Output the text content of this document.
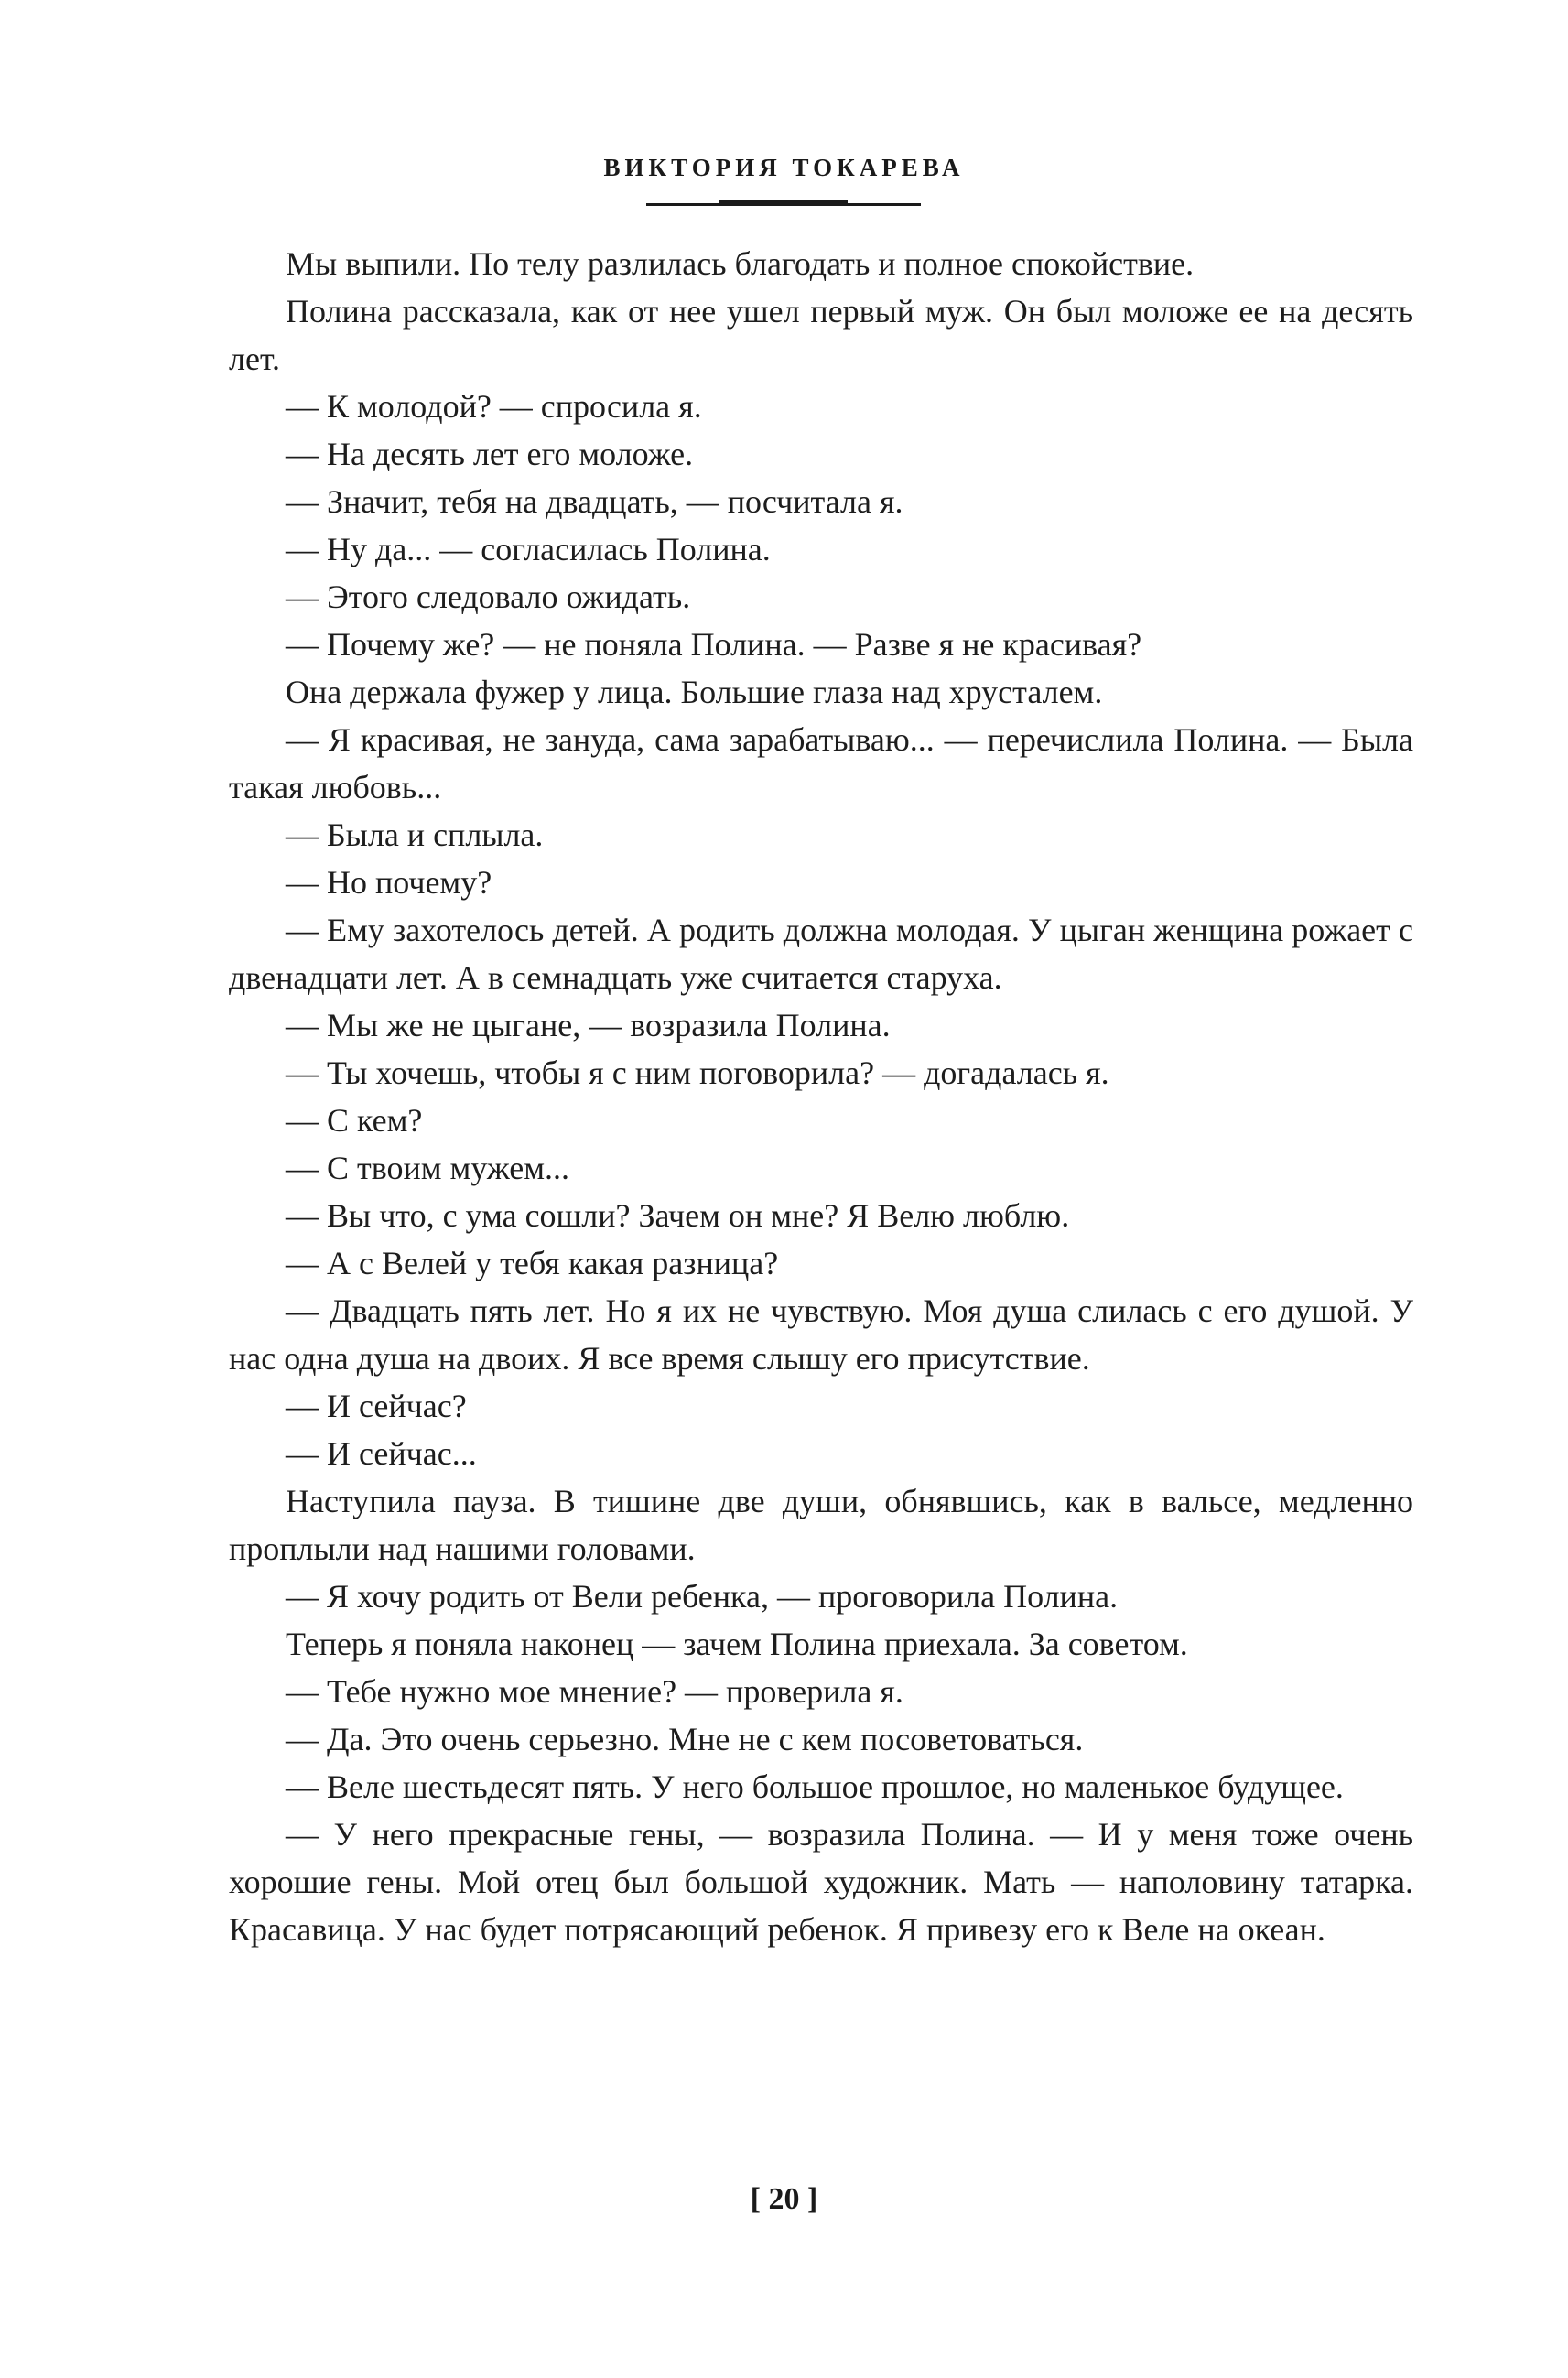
ВИКТОРИЯ ТОКАРЕВА

Мы выпили. По телу разлилась благодать и полное спокойствие.

Полина рассказала, как от нее ушел первый муж. Он был моложе ее на десять лет.

— К молодой? — спросила я.

— На десять лет его моложе.

— Значит, тебя на двадцать, — посчитала я.

— Ну да... — согласилась Полина.

— Этого следовало ожидать.

— Почему же? — не поняла Полина. — Разве я не красивая?

Она держала фужер у лица. Большие глаза над хрусталем.

— Я красивая, не зануда, сама зарабатываю... — перечислила Полина. — Была такая любовь...

— Была и сплыла.

— Но почему?

— Ему захотелось детей. А родить должна молодая. У цыган женщина рожает с двенадцати лет. А в семнадцать уже считается старуха.

— Мы же не цыгане, — возразила Полина.

— Ты хочешь, чтобы я с ним поговорила? — догадалась я.

— С кем?

— С твоим мужем...

— Вы что, с ума сошли? Зачем он мне? Я Велю люблю.

— А с Велей у тебя какая разница?

— Двадцать пять лет. Но я их не чувствую. Моя душа слилась с его душой. У нас одна душа на двоих. Я все время слышу его присутствие.

— И сейчас?

— И сейчас...

Наступила пауза. В тишине две души, обнявшись, как в вальсе, медленно проплыли над нашими головами.

— Я хочу родить от Вели ребенка, — проговорила Полина.

Теперь я поняла наконец — зачем Полина приехала. За советом.

— Тебе нужно мое мнение? — проверила я.

— Да. Это очень серьезно. Мне не с кем посоветоваться.

— Веле шестьдесят пять. У него большое прошлое, но маленькое будущее.

— У него прекрасные гены, — возразила Полина. — И у меня тоже очень хорошие гены. Мой отец был большой художник. Мать — наполовину татарка. Красавица. У нас будет потрясающий ребенок. Я привезу его к Веле на океан.

[ 20 ]
